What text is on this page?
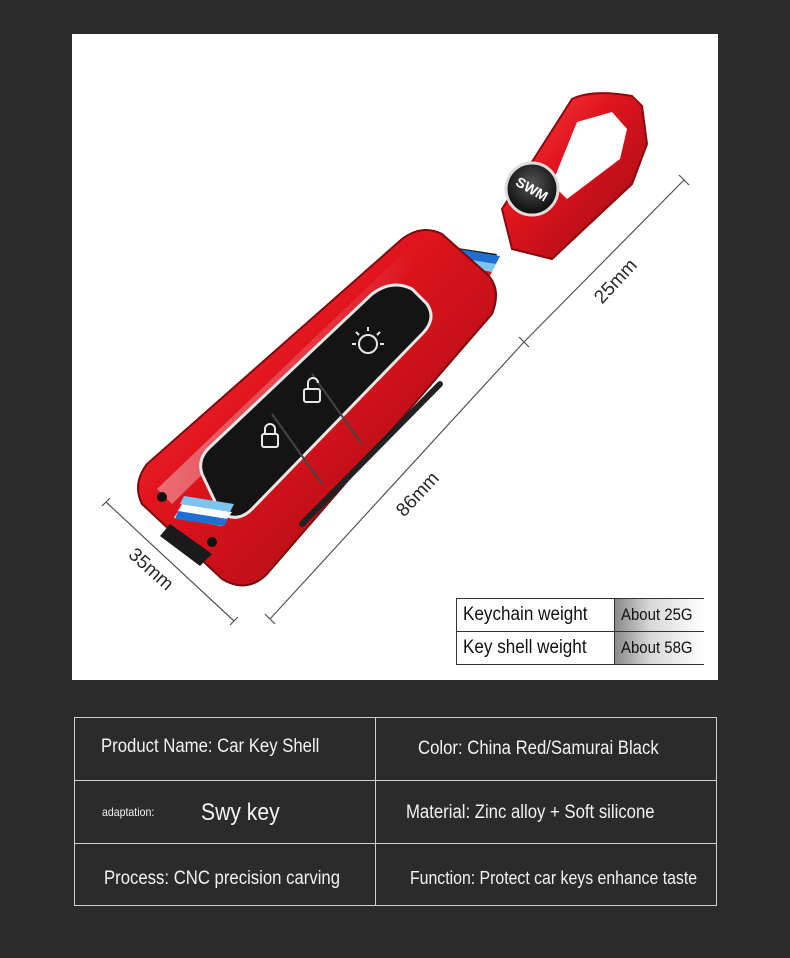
SWM
86mm
35mm
25mm
Keychain weight About 25G
Key shell weight About 58G
Product Name: Car Key Shell	Color: China Red/Samurai Black
adaptation: Swy key	Material: Zinc alloy + Soft silicone
Process: CNC precision carving	Function: Protect car keys enhance taste
